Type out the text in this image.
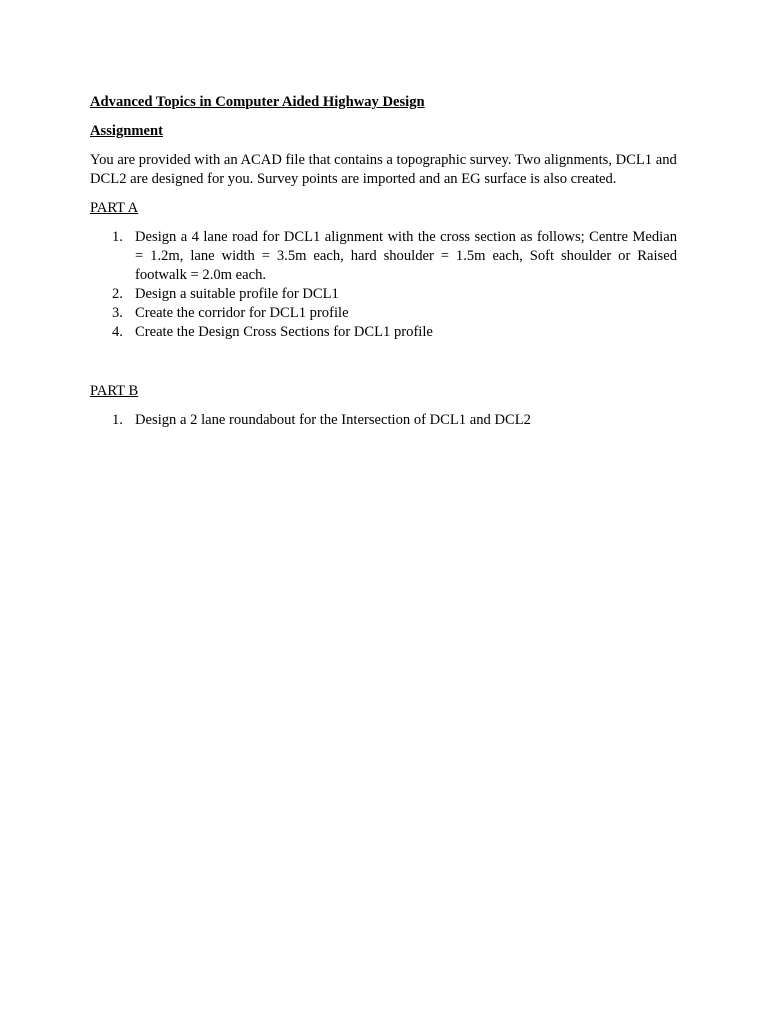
Advanced Topics in Computer Aided Highway Design

Assignment

You are provided with an ACAD file that contains a topographic survey. Two alignments, DCL1 and DCL2 are designed for you. Survey points are imported and an EG surface is also created.

PART A

1. Design a 4 lane road for DCL1 alignment with the cross section as follows; Centre Median = 1.2m, lane width = 3.5m each, hard shoulder = 1.5m each, Soft shoulder or Raised footwalk = 2.0m each.
2. Design a suitable profile for DCL1
3. Create the corridor for DCL1 profile
4. Create the Design Cross Sections for DCL1 profile

PART B

1. Design a 2 lane roundabout for the Intersection of DCL1 and DCL2
